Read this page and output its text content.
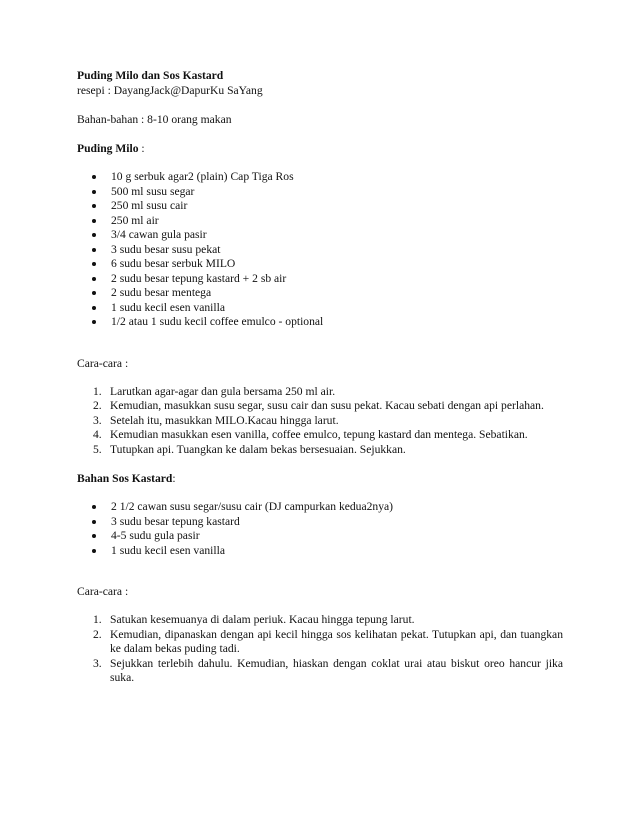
Puding Milo dan Sos Kastard
resepi : DayangJack@DapurKu SaYang
Bahan-bahan : 8-10 orang makan
Puding Milo :
10 g serbuk agar2 (plain) Cap Tiga Ros
500 ml susu segar
250 ml susu cair
250 ml air
3/4 cawan gula pasir
3 sudu besar susu pekat
6 sudu besar serbuk MILO
2 sudu besar tepung kastard + 2 sb air
2 sudu besar mentega
1 sudu kecil esen vanilla
1/2 atau 1 sudu kecil coffee emulco - optional
Cara-cara :
1. Larutkan agar-agar dan gula bersama 250 ml air.
2. Kemudian, masukkan susu segar, susu cair dan susu pekat. Kacau sebati dengan api perlahan.
3. Setelah itu, masukkan MILO.Kacau hingga larut.
4. Kemudian masukkan esen vanilla, coffee emulco, tepung kastard dan mentega. Sebatikan.
5. Tutupkan api. Tuangkan ke dalam bekas bersesuaian. Sejukkan.
Bahan Sos Kastard:
2 1/2 cawan susu segar/susu cair (DJ campurkan kedua2nya)
3 sudu besar tepung kastard
4-5 sudu gula pasir
1 sudu kecil esen vanilla
Cara-cara :
1. Satukan kesemuanya di dalam periuk. Kacau hingga tepung larut.
2. Kemudian, dipanaskan dengan api kecil hingga sos kelihatan pekat. Tutupkan api, dan tuangkan ke dalam bekas puding tadi.
3. Sejukkan terlebih dahulu. Kemudian, hiaskan dengan coklat urai atau biskut oreo hancur jika suka.
